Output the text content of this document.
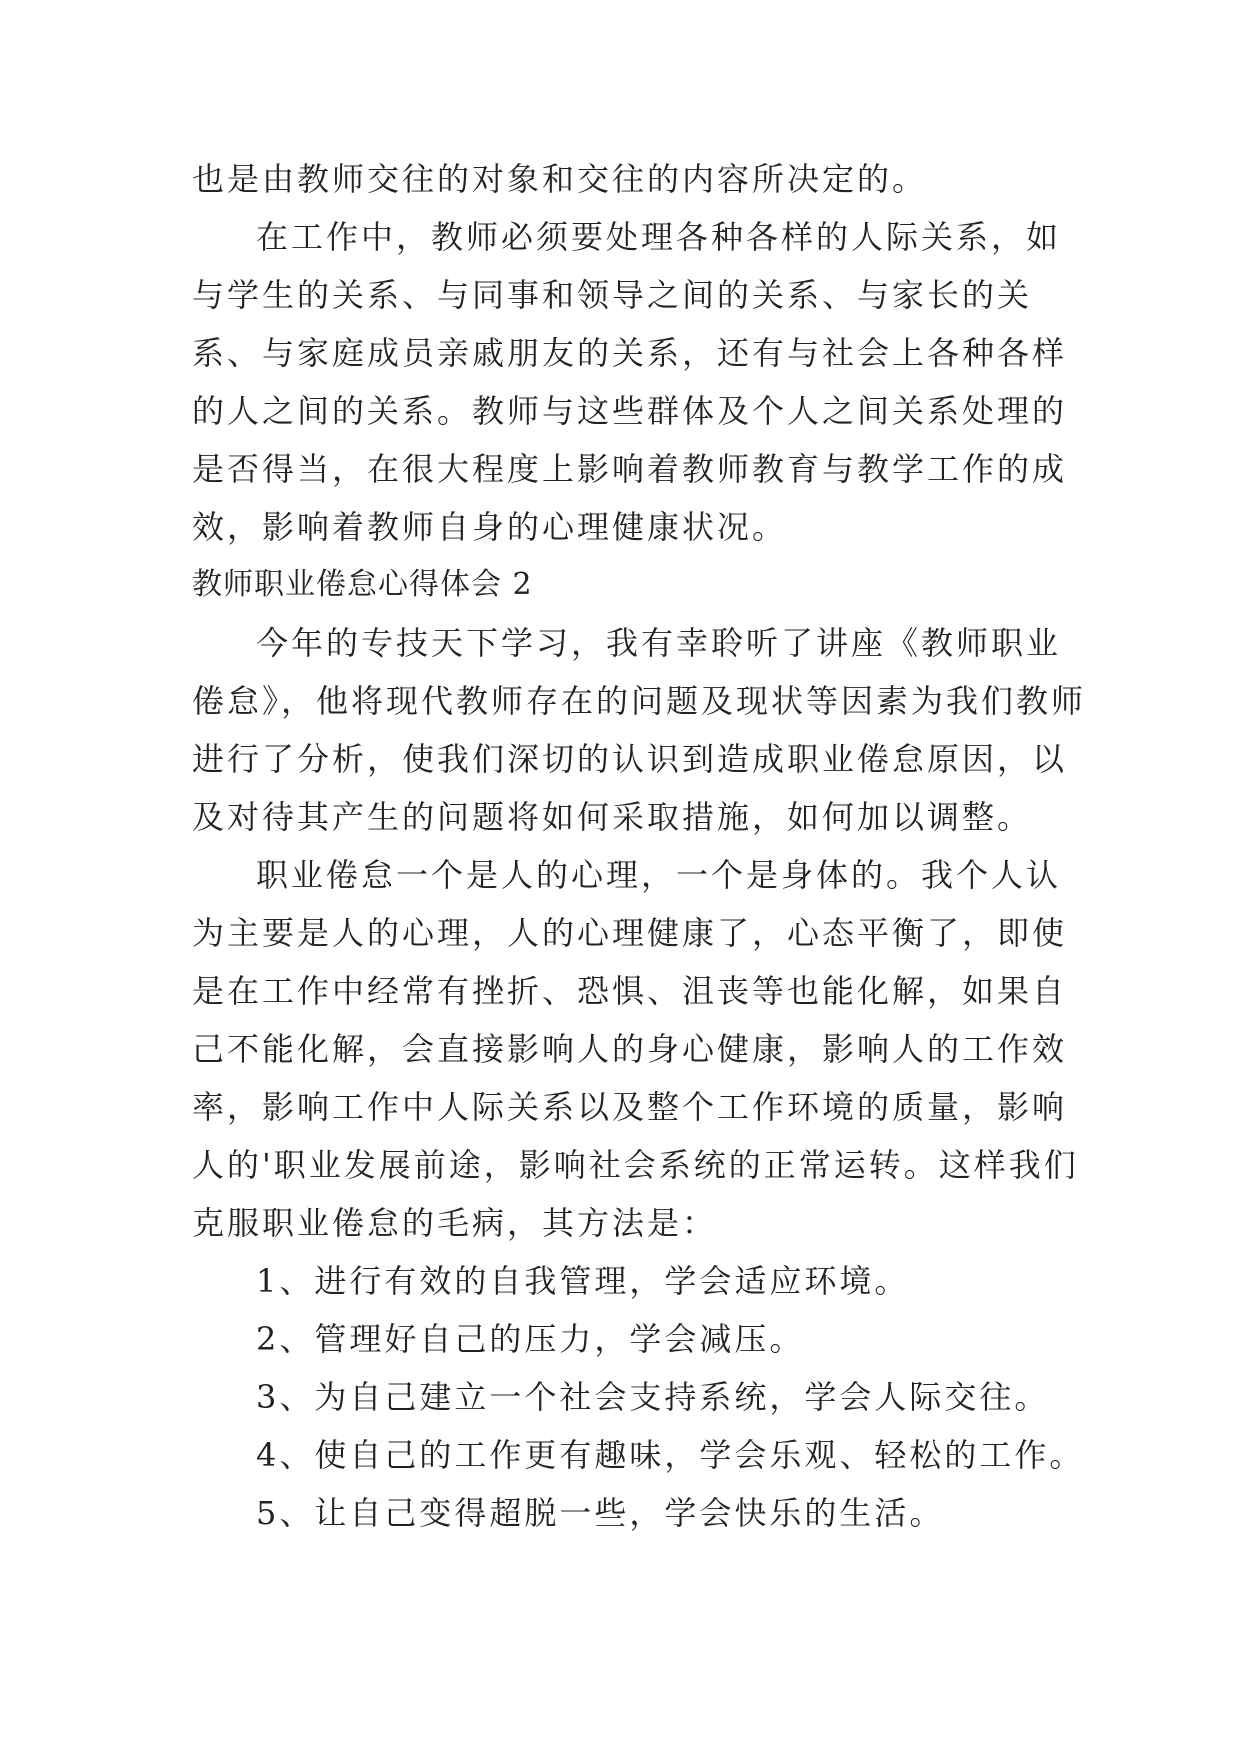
也是由教师交往的对象和交往的内容所决定的。

在工作中，教师必须要处理各种各样的人际关系，如与学生的关系、与同事和领导之间的关系、与家长的关系、与家庭成员亲戚朋友的关系，还有与社会上各种各样的人之间的关系。教师与这些群体及个人之间关系处理的是否得当，在很大程度上影响着教师教育与教学工作的成效，影响着教师自身的心理健康状况。

教师职业倦怠心得体会 2

今年的专技天下学习，我有幸聆听了讲座《教师职业倦怠》，他将现代教师存在的问题及现状等因素为我们教师进行了分析，使我们深切的认识到造成职业倦怠原因，以及对待其产生的问题将如何采取措施，如何加以调整。

职业倦怠一个是人的心理，一个是身体的。我个人认为主要是人的心理，人的心理健康了，心态平衡了，即使是在工作中经常有挫折、恐惧、沮丧等也能化解，如果自己不能化解，会直接影响人的身心健康，影响人的工作效率，影响工作中人际关系以及整个工作环境的质量，影响人的'职业发展前途，影响社会系统的正常运转。这样我们克服职业倦怠的毛病，其方法是：

1、进行有效的自我管理，学会适应环境。

2、管理好自己的压力，学会减压。

3、为自己建立一个社会支持系统，学会人际交往。

4、使自己的工作更有趣味，学会乐观、轻松的工作。

5、让自己变得超脱一些，学会快乐的生活。
